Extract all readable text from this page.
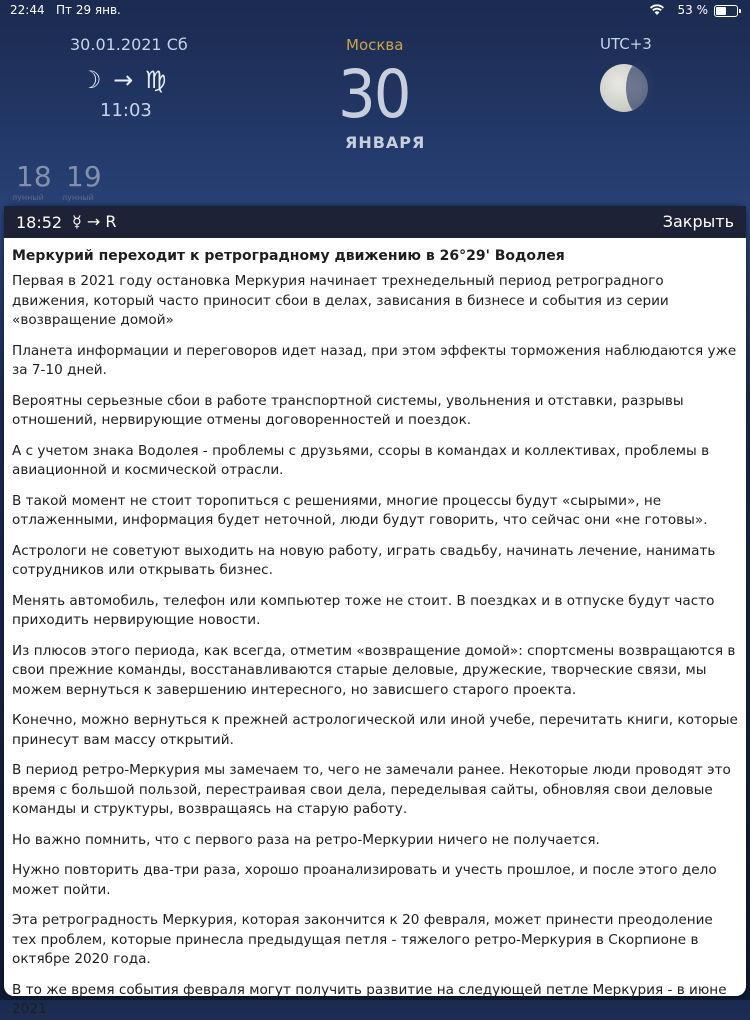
22:44 Пт 29 янв.	53 %
30.01.2021 Сб
☽ → ♍
11:03
Москва
30
ЯНВАРЯ
UTC+3
18
лунный
19
лунный
18:52 ☿ → R	Закрыть
Меркурий переходит к ретроградному движению в 26°29' Водолея

Первая в 2021 году остановка Меркурия начинает трехнедельный период ретроградного движения, который часто приносит сбои в делах, зависания в бизнесе и события из серии «возвращение домой»

Планета информации и переговоров идет назад, при этом эффекты торможения наблюдаются уже за 7-10 дней.

Вероятны серьезные сбои в работе транспортной системы, увольнения и отставки, разрывы отношений, нервирующие отмены договоренностей и поездок.

А с учетом знака Водолея - проблемы с друзьями, ссоры в командах и коллективах, проблемы в авиационной и космической отрасли.

В такой момент не стоит торопиться с решениями, многие процессы будут «сырыми», не отлаженными, информация будет неточной, люди будут говорить, что сейчас они «не готовы».

Астрологи не советуют выходить на новую работу, играть свадьбу, начинать лечение, нанимать сотрудников или открывать бизнес.

Менять автомобиль, телефон или компьютер тоже не стоит. В поездках и в отпуске будут часто приходить нервирующие новости.

Из плюсов этого периода, как всегда, отметим «возвращение домой»: спортсмены возвращаются в свои прежние команды, восстанавливаются старые деловые, дружеские, творческие связи, мы можем вернуться к завершению интересного, но зависшего старого проекта.

Конечно, можно вернуться к прежней астрологической или иной учебе, перечитать книги, которые принесут вам массу открытий.

В период ретро-Меркурия мы замечаем то, чего не замечали ранее. Некоторые люди проводят это время с большой пользой, перестраивая свои дела, переделывая сайты, обновляя свои деловые команды и структуры, возвращаясь на старую работу.

Но важно помнить, что с первого раза на ретро-Меркурии ничего не получается.

Нужно повторить два-три раза, хорошо проанализировать и учесть прошлое, и после этого дело может пойти.

Эта ретроградность Меркурия, которая закончится к 20 февраля, может принести преодоление тех проблем, которые принесла предыдущая петля - тяжелого ретро-Меркурия в Скорпионе в октябре 2020 года.

В то же время события февраля могут получить развитие на следующей петле Меркурия - в июне 2021
